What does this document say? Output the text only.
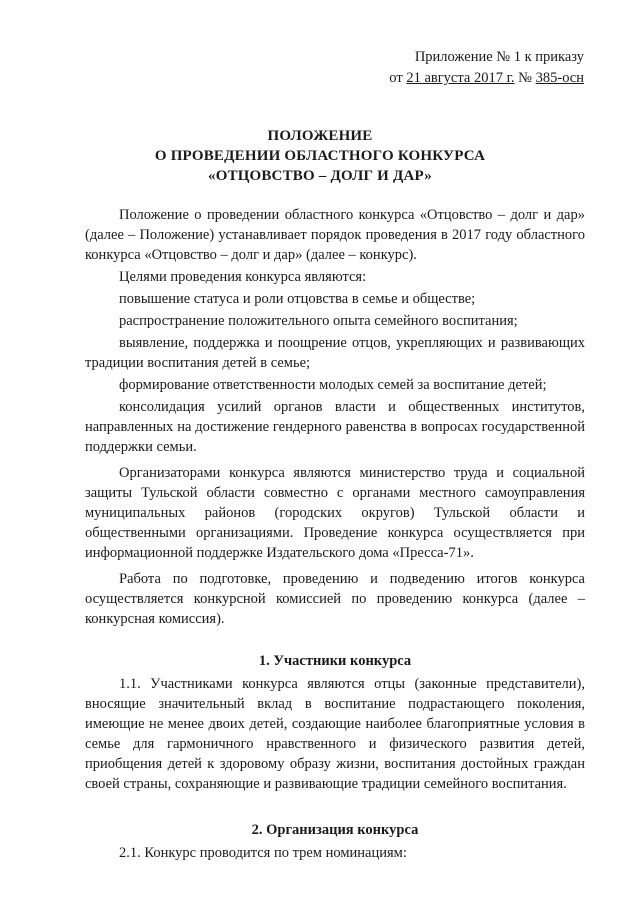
Приложение № 1 к приказу
от 21 августа 2017 г. № 385-осн
ПОЛОЖЕНИЕ
О ПРОВЕДЕНИИ ОБЛАСТНОГО КОНКУРСА
«ОТЦОВСТВО – ДОЛГ И ДАР»

Положение о проведении областного конкурса «Отцовство – долг и дар» (далее – Положение) устанавливает порядок проведения в 2017 году областного конкурса «Отцовство – долг и дар» (далее – конкурс).

Целями проведения конкурса являются:

повышение статуса и роли отцовства в семье и обществе;

распространение положительного опыта семейного воспитания;

выявление, поддержка и поощрение отцов, укрепляющих и развивающих традиции воспитания детей в семье;

формирование ответственности молодых семей за воспитание детей;

консолидация усилий органов власти и общественных институтов, направленных на достижение гендерного равенства в вопросах государственной поддержки семьи.

Организаторами конкурса являются министерство труда и социальной защиты Тульской области совместно с органами местного самоуправления муниципальных районов (городских округов) Тульской области и общественными организациями. Проведение конкурса осуществляется при информационной поддержке Издательского дома «Пресса-71».

Работа по подготовке, проведению и подведению итогов конкурса осуществляется конкурсной комиссией по проведению конкурса (далее – конкурсная комиссия).

1. Участники конкурса

1.1. Участниками конкурса являются отцы (законные представители), вносящие значительный вклад в воспитание подрастающего поколения, имеющие не менее двоих детей, создающие наиболее благоприятные условия в семье для гармоничного нравственного и физического развития детей, приобщения детей к здоровому образу жизни, воспитания достойных граждан своей страны, сохраняющие и развивающие традиции семейного воспитания.

2. Организация конкурса

2.1. Конкурс проводится по трем номинациям:
